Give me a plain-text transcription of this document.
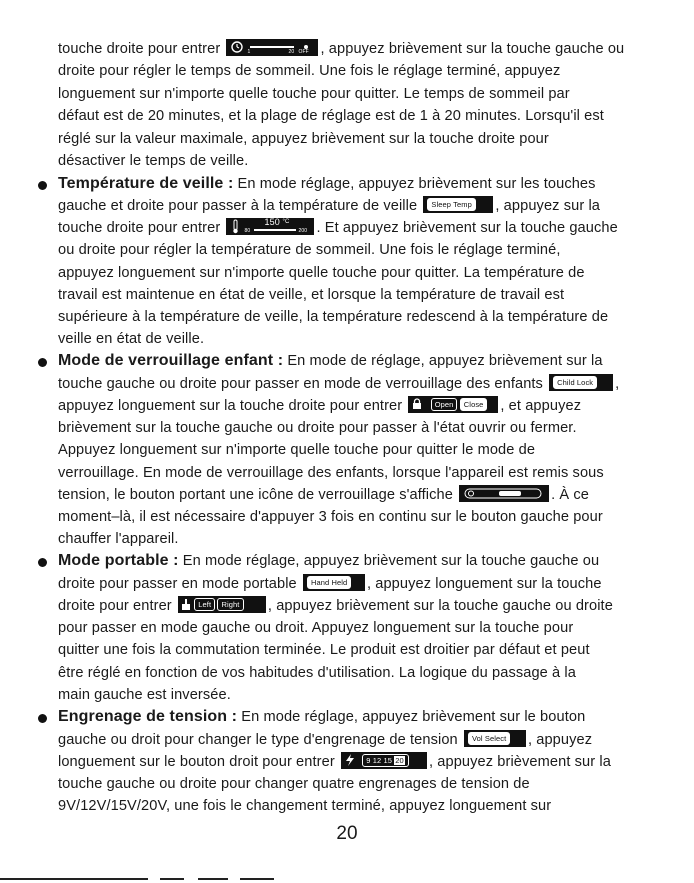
touche droite pour entrer	1	20 OFF , appuyez brièvement sur la touche gauche ou
droite pour régler le temps de sommeil. Une fois le réglage terminé, appuyez
longuement sur n'importe quelle touche pour quitter. Le temps de sommeil par
défaut est de 20 minutes, et la plage de réglage est de 1 à 20 minutes. Lorsqu'il est
réglé sur la valeur maximale, appuyez brièvement sur la touche droite pour
désactiver le temps de veille.
Température de veille : En mode réglage, appuyez brièvement sur les touches
gauche et droite pour passer à la température de veille Sleep Temp , appuyez sur la
touche droite pour entrer	150 °C
80	200 . Et appuyez brièvement sur la touche gauche
ou droite pour régler la température de sommeil. Une fois le réglage terminé,
appuyez longuement sur n'importe quelle touche pour quitter. La température de
travail est maintenue en état de veille, et lorsque la température de travail est
supérieure à la température de veille, la température redescend à la température de
veille en état de veille.
Mode de verrouillage enfant : En mode de réglage, appuyez brièvement sur la
touche gauche ou droite pour passer en mode de verrouillage des enfants Child Lock ,
appuyez longuement sur la touche droite pour entrer	Open Close , et appuyez
brièvement sur la touche gauche ou droite pour passer à l'état ouvrir ou fermer.
Appuyez longuement sur n'importe quelle touche pour quitter le mode de
verrouillage. En mode de verrouillage des enfants, lorsque l'appareil est remis sous
tension, le bouton portant une icône de verrouillage s'affiche	. À ce
moment–là, il est nécessaire d'appuyer 3 fois en continu sur le bouton gauche pour
chauffer l'appareil.
Mode portable : En mode réglage, appuyez brièvement sur la touche gauche ou
droite pour passer en mode portable Hand Held , appuyez longuement sur la touche
droite pour entrer	Left Right , appuyez brièvement sur la touche gauche ou droite
pour passer en mode gauche ou droit. Appuyez longuement sur la touche pour
quitter une fois la commutation terminée. Le produit est droitier par défaut et peut
être réglé en fonction de vos habitudes d'utilisation. La logique du passage à la
main gauche est inversée.
Engrenage de tension : En mode réglage, appuyez brièvement sur le bouton
gauche ou droit pour changer le type d'engrenage de tension Vol Select , appuyez
longuement sur le bouton droit pour entrer	9 12 15 20 , appuyez brièvement sur la
touche gauche ou droite pour changer quatre engrenages de tension de
9V/12V/15V/20V, une fois le changement terminé, appuyez longuement sur
20
